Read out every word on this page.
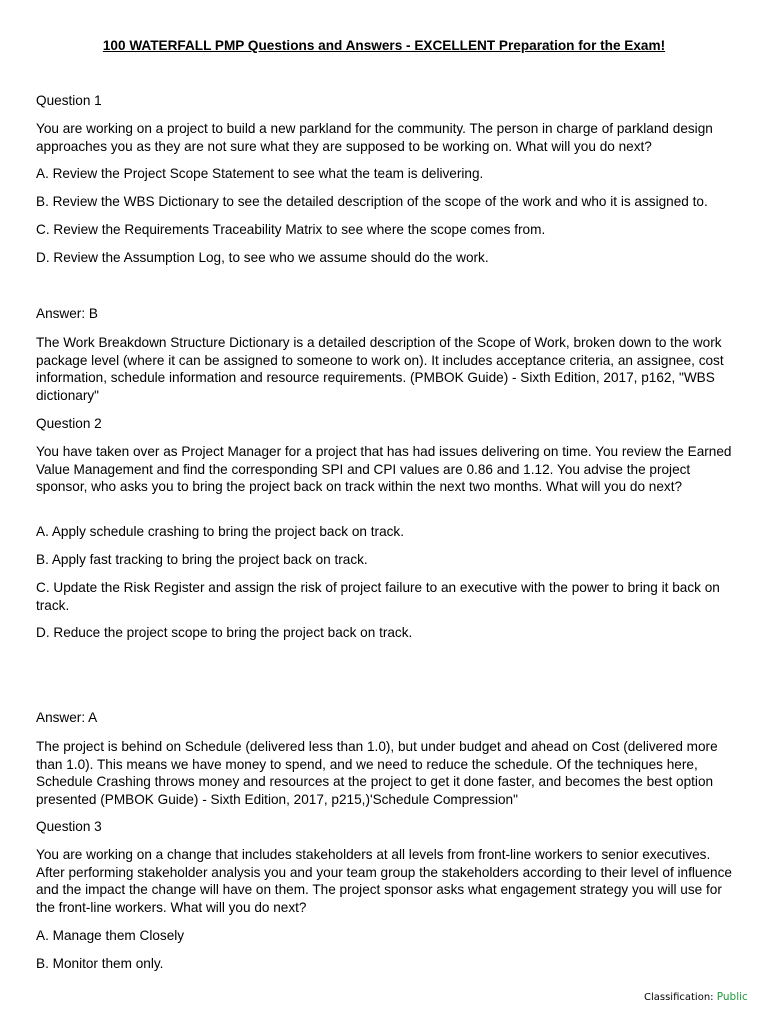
100 WATERFALL PMP Questions and Answers - EXCELLENT Preparation for the Exam!

Question 1

You are working on a project to build a new parkland for the community. The person in charge of parkland design approaches you as they are not sure what they are supposed to be working on. What will you do next?

A. Review the Project Scope Statement to see what the team is delivering.

B. Review the WBS Dictionary to see the detailed description of the scope of the work and who it is assigned to.

C. Review the Requirements Traceability Matrix to see where the scope comes from.

D. Review the Assumption Log, to see who we assume should do the work.

Answer: B

The Work Breakdown Structure Dictionary is a detailed description of the Scope of Work, broken down to the work package level (where it can be assigned to someone to work on). It includes acceptance criteria, an assignee, cost information, schedule information and resource requirements. (PMBOK Guide) - Sixth Edition, 2017, p162, "WBS dictionary"

Question 2

You have taken over as Project Manager for a project that has had issues delivering on time. You review the Earned Value Management and find the corresponding SPI and CPI values are 0.86 and 1.12. You advise the project sponsor, who asks you to bring the project back on track within the next two months. What will you do next?

A. Apply schedule crashing to bring the project back on track.

B. Apply fast tracking to bring the project back on track.

C. Update the Risk Register and assign the risk of project failure to an executive with the power to bring it back on track.

D. Reduce the project scope to bring the project back on track.

Answer: A

The project is behind on Schedule (delivered less than 1.0), but under budget and ahead on Cost (delivered more than 1.0). This means we have money to spend, and we need to reduce the schedule. Of the techniques here, Schedule Crashing throws money and resources at the project to get it done faster, and becomes the best option presented (PMBOK Guide) - Sixth Edition, 2017, p215,)'Schedule Compression"

Question 3

You are working on a change that includes stakeholders at all levels from front-line workers to senior executives. After performing stakeholder analysis you and your team group the stakeholders according to their level of influence and the impact the change will have on them. The project sponsor asks what engagement strategy you will use for the front-line workers. What will you do next?

A. Manage them Closely

B. Monitor them only.

Classification: Public
